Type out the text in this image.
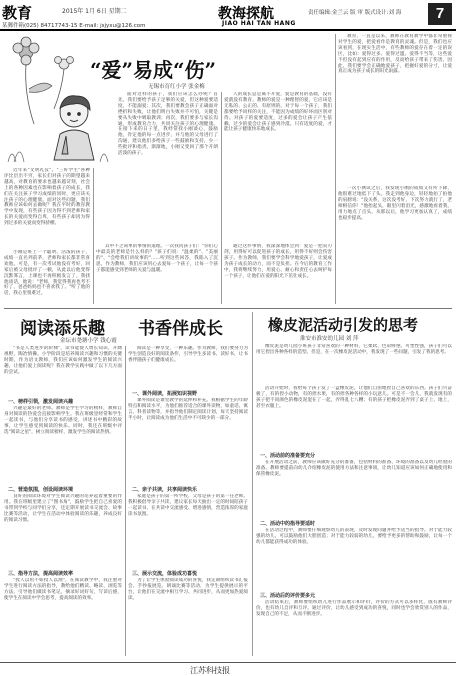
教育	2015年 1月 6日 星期二
某郵件箱(025) 84717743-15 E-mail: jsjyxu@126.com
教海探航
JIAO HAI TAN HANG
责任编辑:金兰云 版 审 版式设计:刘 海	7
“爱”易成“伤”
无锡市育红小学 张金梅

近年来"文明礼仪"、"三好学生"各种评比层出不穷，家长们对孩子的期望越来越高，对教育的要求也越来越苛刻，社会上的各种因素也在影响着孩子的成长，我们在关注孩子学习成绩的同时，更应该关注孩子的心理健康。面对这些问题，我们教师应该如何去做呢？我在平时的教育教学中发现，有些孩子因为得不到老师和家长的关爱而变得自卑，有些孩子却因为得到过多的关爱而变得骄横。

小刚是班上一个聪明、活泼的孩子，成绩一直名列前茅，老师和家长都非常喜欢他。可是，有一次考试他没有考好，回家后被父母批评了一顿，从此以后他变得沉默寡言，上课也不再积极发言了。我找他谈话，他说："老师，我觉得我再也考不好了，爸爸妈妈也不喜欢我了。"听了他的话，我心里很难过。

面对这样的孩子，我们应该怎么办呢？首先，我们要给予孩子足够的关爱，但这种爱要适度，不能溺爱；其次，我们要教会孩子正确面对挫折和失败，让他们明白失败并不可怕，关键是要从失败中吸取教训；再次，我们要多与家长沟通，形成教育合力，共同关注孩子的心理健康。在接下来的日子里，我经常找小刚谈心，鼓励他，肯定他的每一点进步，并与他的父母进行了沟通，建议他们多给孩子一些鼓励和支持，少一些批评和指责。渐渐地，小刚又变回了那个开朗活泼的孩子。

其中不乏简单的事情的道理。一次我问孩子们："你们心中最美的老师是什么样的？"孩子们说："温柔的"、"美丽的"、"会给我们讲故事的"……听到这些回答，我陷入了沉思，作为教师，我们应该用心去爱每一个孩子，让每一个孩子都能感受到老师的关爱与温暖。

人的成长总是离不开爱，爱是教育的基础，没有爱就没有教育。教师的爱是一种理智的爱，它应该是无私的、公正的、有原则的。对于每一个孩子，我们都要给予同样的关注，不能因为成绩的好坏而区别对待。对孩子的爱要适度，过多的爱会让孩子产生依赖，过少的爱会让孩子感到冷漠。只有适度的爱，才能让孩子健康快乐地成长。

通过这件事情，我深深地体会到：爱是一把双刃剑，用得好可以促进孩子的成长，用得不好则会伤害孩子。作为教师，我们要学会科学地爱孩子，让爱成为孩子成长的动力，而不是负担。在今后的教育工作中，我将继续努力，用爱心、耐心和责任心去呵护每一个孩子，让他们在爱的阳光下茁壮成长。

教育，一直是以来，教师在教育教学中都非常重视对学生的爱，把爱看作是教育的灵魂。但是，我们也应该看到，在现实生活中，有些教师的爱存在着一定的误区，比如：爱得过多、爱得过滥、爱得不当等，这些爱不但没有起到应有的作用，反而给孩子带来了伤害。因此，我们要学会正确地爱孩子，把握好爱的分寸，让爱真正成为孩子成长的阳光雨露。

一次小测试之后，我发现小刚的成绩又有所下降，他很难过地低下了头。我走到他身边，轻轻地拍了拍他的肩膀说："没关系，这次没考好，下次努力就行了，老师相信你！"他抬起头，眼里闪着泪光，感激地看着我，用力地点了点头。从那以后，他学习更加认真了，成绩也稳步提高。

阅读添乐趣 书香伴成长
金坛市尧塘小学 钱心霞
橡皮泥活动引发的思考
淮安市淮安幼儿园 刘 萍

"书是人类进步的阶梯"，读书能使人增长知识，开阔视野，陶冶情操。小学阶段是培养阅读兴趣和习惯的关键时期，作为语文教师，我们应该如何激发学生的阅读兴趣，让他们爱上阅读呢？我在教学实践中做了以下几方面的尝试。

一、榜样引领，激发阅读兴趣

兴趣是最好的老师。教师是学生学习的榜样，教师自身对阅读的热爱会直接影响学生。我在班级里经常和学生一起读书，与他们分享读书的感受，讲述书中精彩的故事，让学生感受到阅读的快乐。同时，我还在班级中评选"阅读之星"，树立阅读榜样，激发学生的阅读热情。

二、营造氛围，创设阅读环境

良好的阅读环境对学生阅读兴趣的培养起着重要的作用。我在班级里建立了"图书角"，鼓励学生把自己喜爱的书带到学校与同学们分享，还定期开展读书交流会、故事比赛等活动，让学生在活动中体验阅读的乐趣，养成良好的阅读习惯。

三、指导方法，提高阅读效率

"授人以鱼不如授人以渔"，在阅读教学中，我注重对学生进行阅读方法的指导，教给他们精读、略读、浏览等方法，引导他们做读书笔记，摘录好词好句，写读后感，使学生在阅读中学会思考，提高阅读的效率。

阅读是一种享受，一种乐趣。作为教师，我们要努力为学生创造良好的阅读条件，引导学生多读书、读好书，让书香伴随孩子们健康成长。

一、课外阅读，拓展知识视野

课外阅读是课堂教学的延伸和补充。我根据学生的年龄特点和阅读水平，为他们推荐适合的课外读物，如童话、寓言、科普读物等，并指导他们制定阅读计划，每天坚持阅读半小时，让阅读成为他们生活中不可缺少的一部分。

二、亲子共读，共享阅读快乐

家庭是孩子的第一所学校，父母是孩子的第一任老师。我积极倡导亲子共读，建议家长每天抽出一定的时间陪孩子一起读书，在共读中交流感受、增进感情，营造浓厚的家庭读书氛围。

三、展示交流，体验成功喜悦

为了让学生体验阅读成功的喜悦，我定期组织读书汇报会、手抄报展览、朗诵比赛等活动，为学生提供展示的平台，让他们在交流中相互学习、共同进步，从而更加热爱阅读。

橡皮泥是幼儿园小班孩子非常喜欢的一种材料，它柔软、色彩鲜艳、可塑性强，孩子们可以用它捏出各种各样的造型。但是，在一次橡皮泥活动中，我发现了一些问题，引发了我的思考。

活动开始时，我给每个孩子发了一盒橡皮泥，让他们自由地捏自己喜欢的东西。孩子们兴奋极了，有的捏小动物，有的捏水果，有的捏各种各样的小玩意儿。可是不一会儿，我就发现有的孩子把不同颜色的橡皮泥混在了一起，弄得乱七八糟；有的孩子把橡皮泥弄到了桌子上、地上，甚至衣服上。

一、活动前的准备要充分

在开展活动之前，教师应该做好充分的准备，包括材料的准备、环境的准备以及幼儿经验的准备。教师要提前向幼儿介绍橡皮泥的使用方法和注意事项，让幼儿知道应该如何正确地使用和保管橡皮泥。

二、活动中的指导要适时

在活动过程中，教师要仔细观察幼儿的表现，及时发现问题并给予适当的指导。对于能力较强的幼儿，可以鼓励他们大胆创造；对于能力较弱的幼儿，要给予更多的帮助和鼓励，让每一个幼儿都能获得成功的体验。

三、活动后的评价要多元

活动结束后，教师要组织幼儿进行作品展示和评价，评价的方式可以多样化，既有教师评价，也有幼儿自评和互评。通过评价，让幼儿感受到成功的喜悦，同时也学会欣赏别人的作品，发现自己的不足，从而不断进步。

江苏科技报
